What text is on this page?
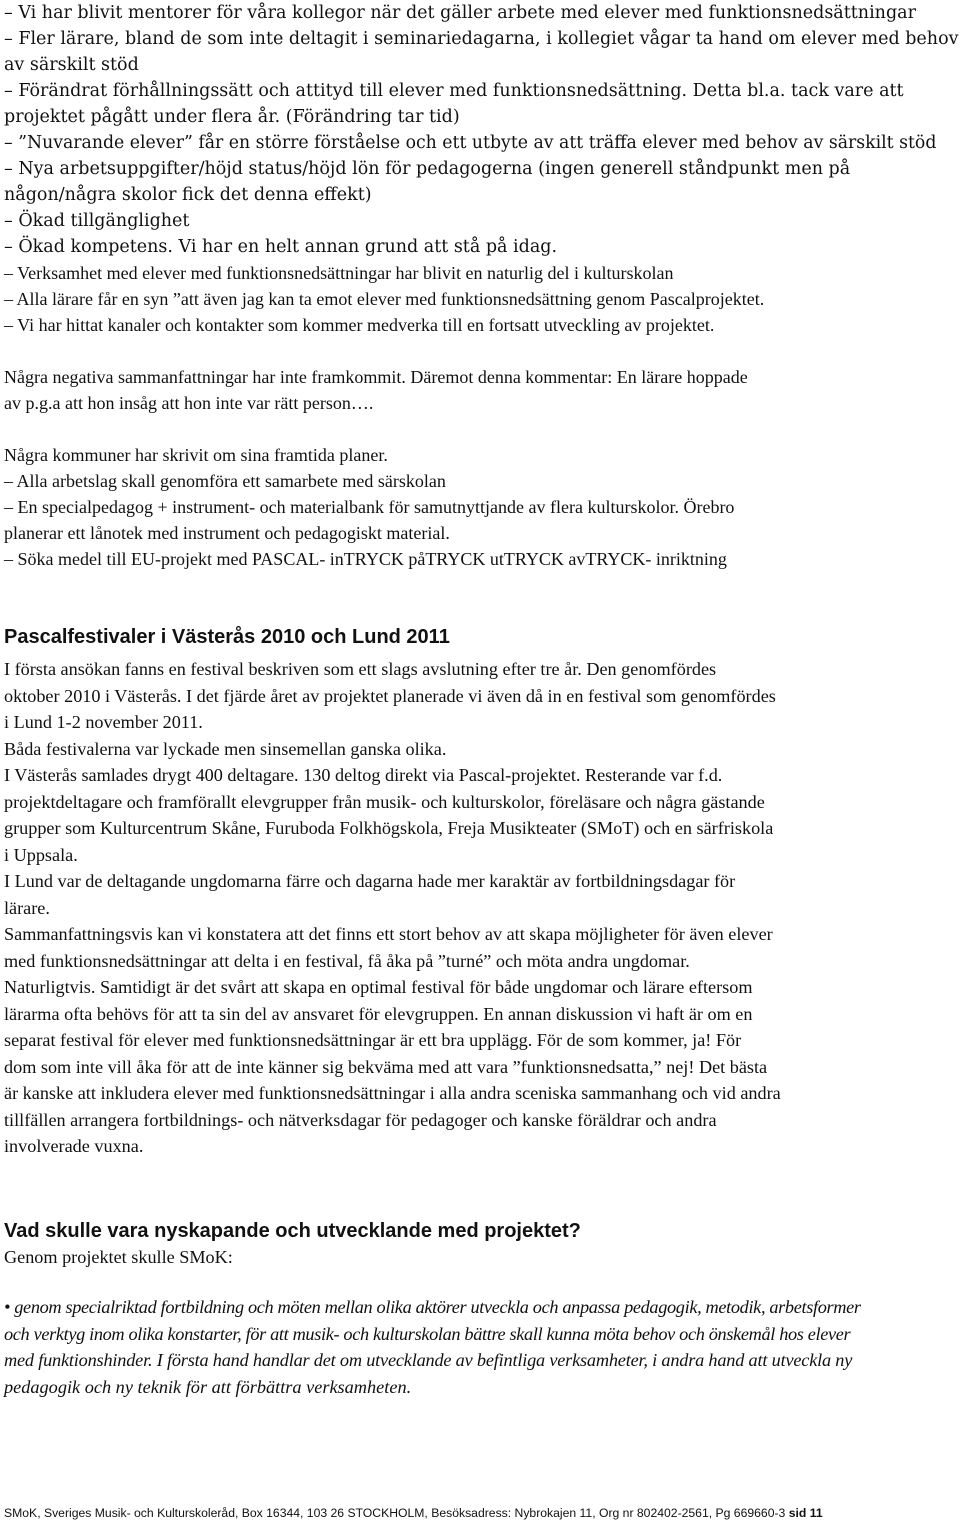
– Vi har blivit mentorer för våra kollegor när det gäller arbete med elever med funktionsnedsättningar

– Fler lärare, bland de som inte deltagit i seminariedagarna, i kollegiet vågar ta hand om elever med behov

av särskilt stöd

– Förändrat förhållningssätt och attityd till elever med funktionsnedsättning. Detta bl.a. tack vare att

projektet pågått under flera år. (Förändring tar tid)

– ”Nuvarande elever” får en större förståelse och ett utbyte av att träffa elever med behov av särskilt stöd

– Nya arbetsuppgifter/höjd status/höjd lön för pedagogerna (ingen generell ståndpunkt men på

någon/några skolor fick det denna effekt)

– Ökad tillgänglighet

– Ökad kompetens. Vi har en helt annan grund att stå på idag.

– Verksamhet med elever med funktionsnedsättningar har blivit en naturlig del i kulturskolan

– Alla lärare får en syn ”att även jag kan ta emot elever med funktionsnedsättning genom Pascalprojektet.

– Vi har hittat kanaler och kontakter som kommer medverka till en fortsatt utveckling av projektet.

Några negativa sammanfattningar har inte framkommit. Däremot denna kommentar: En lärare hoppade

av p.g.a att hon insåg att hon inte var rätt person….

Några kommuner har skrivit om sina framtida planer.

– Alla arbetslag skall genomföra ett samarbete med särskolan

– En specialpedagog + instrument- och materialbank för samutnyttjande av flera kulturskolor. Örebro

planerar ett lånotek med instrument och pedagogiskt material.

– Söka medel till EU-projekt med PASCAL- inTRYCK påTRYCK utTRYCK avTRYCK- inriktning

Pascalfestivaler i Västerås 2010 och Lund 2011

I första ansökan fanns en festival beskriven som ett slags avslutning efter tre år. Den genomfördes

oktober 2010 i Västerås. I det fjärde året av projektet planerade vi även då in en festival som genomfördes

i Lund 1-2 november 2011.

Båda festivalerna var lyckade men sinsemellan ganska olika.

I Västerås samlades drygt 400 deltagare. 130 deltog direkt via Pascal-projektet. Resterande var f.d.

projektdeltagare och framförallt elevgrupper från musik- och kulturskolor, föreläsare och några gästande

grupper som Kulturcentrum Skåne, Furuboda Folkhögskola, Freja Musikteater (SMoT) och en särfriskola

i Uppsala.

I Lund var de deltagande ungdomarna färre och dagarna hade mer karaktär av fortbildningsdagar för

lärare.

Sammanfattningsvis kan vi konstatera att det finns ett stort behov av att skapa möjligheter för även elever

med funktionsnedsättningar att delta i en festival, få åka på ”turné” och möta andra ungdomar.

Naturligtvis. Samtidigt är det svårt att skapa en optimal festival för både ungdomar och lärare eftersom

lärarma ofta behövs för att ta sin del av ansvaret för elevgruppen. En annan diskussion vi haft är om en

separat festival för elever med funktionsnedsättningar är ett bra upplägg. För de som kommer, ja! För

dom som inte vill åka för att de inte känner sig bekväma med att vara ”funktionsnedsatta,” nej! Det bästa

är kanske att inkludera elever med funktionsnedsättningar i alla andra sceniska sammanhang och vid andra

tillfällen arrangera fortbildnings- och nätverksdagar för pedagoger och kanske föräldrar och andra

involverade vuxna.

Vad skulle vara nyskapande och utvecklande med projektet?

Genom projektet skulle SMoK:

• genom specialriktad fortbildning och möten mellan olika aktörer utveckla och anpassa pedagogik, metodik, arbetsformer

och verktyg inom olika konstarter, för att musik- och kulturskolan bättre skall kunna möta behov och önskemål hos elever

med funktionshinder. I första hand handlar det om utvecklande av befintliga verksamheter, i andra hand att utveckla ny

pedagogik och ny teknik för att förbättra verksamheten.

SMoK, Sveriges Musik- och Kulturskoleråd, Box 16344, 103 26 STOCKHOLM, Besöksadress: Nybrokajen 11, Org nr 802402-2561, Pg 669660-3 sid 11
